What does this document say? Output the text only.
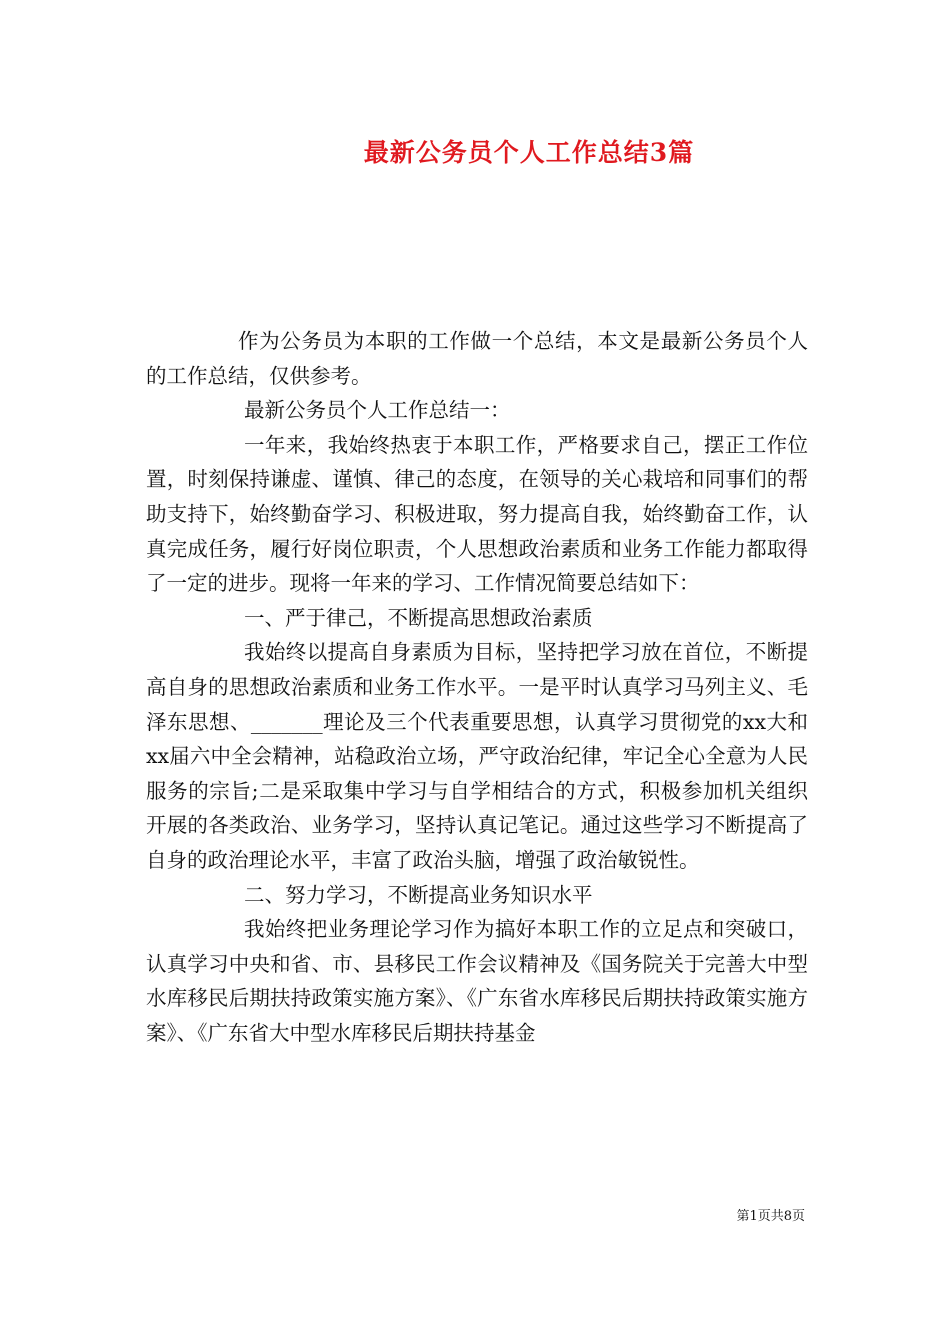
最新公务员个人工作总结3篇

作为公务员为本职的工作做一个总结，本文是最新公务员个人的工作总结，仅供参考。

最新公务员个人工作总结一：

一年来，我始终热衷于本职工作，严格要求自己，摆正工作位置，时刻保持谦虚、谨慎、律己的态度，在领导的关心栽培和同事们的帮助支持下，始终勤奋学习、积极进取，努力提高自我，始终勤奋工作，认真完成任务，履行好岗位职责，个人思想政治素质和业务工作能力都取得了一定的进步。现将一年来的学习、工作情况简要总结如下：

一、严于律己，不断提高思想政治素质

我始终以提高自身素质为目标，坚持把学习放在首位，不断提高自身的思想政治素质和业务工作水平。一是平时认真学习马列主义、毛泽东思想、_______理论及三个代表重要思想，认真学习贯彻党的xx大和xx届六中全会精神，站稳政治立场，严守政治纪律，牢记全心全意为人民服务的宗旨;二是采取集中学习与自学相结合的方式，积极参加机关组织开展的各类政治、业务学习，坚持认真记笔记。通过这些学习不断提高了自身的政治理论水平，丰富了政治头脑，增强了政治敏锐性。

二、努力学习，不断提高业务知识水平

我始终把业务理论学习作为搞好本职工作的立足点和突破口，认真学习中央和省、市、县移民工作会议精神及《国务院关于完善大中型水库移民后期扶持政策实施方案》、《广东省水库移民后期扶持政策实施方案》、《广东省大中型水库移民后期扶持基金

第1页共8页
